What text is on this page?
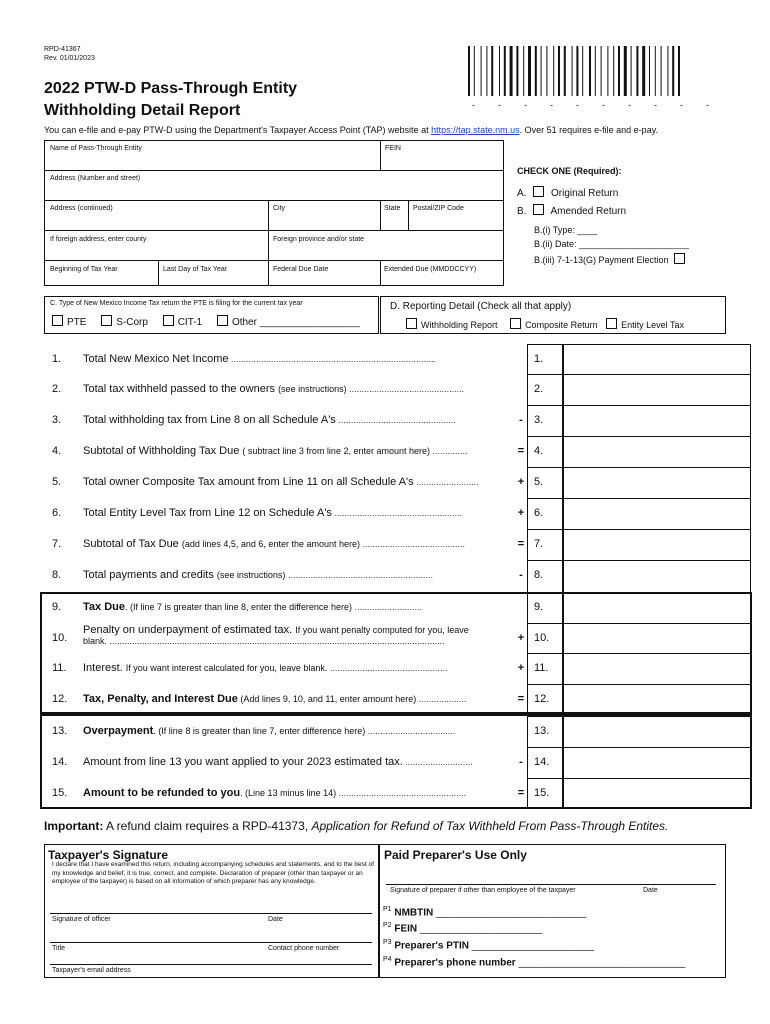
RPD-41367
Rev. 01/01/2023
2022 PTW-D Pass-Through Entity
Withholding Detail Report	-	-	-	-	-	-	-	-	-	-
You can e-file and e-pay PTW-D using the Department's Taxpayer Access Point (TAP) website at https://tap.state.nm.us. Over 51 requires e-file and e-pay.
Name of Pass-Through Entity	FEIN
Address (Number and street)
Address (continued)	City	State Postal/ZIP Code
If foreign address, enter county	Foreign province and/or state
Beginning of Tax Year	Last Day of Tax Year	Federal Due Date	Extended Due (MMDDCCYY)
CHECK ONE (Required):
A. Original Return
B. Amended Return
B.(i) Type: ____
B.(ii) Date: ______________________
B.(iii) 7-1-13(G) Payment Election
C. Type of New Mexico Income Tax return the PTE is filing for the current tax year
PTE	S-Corp	CIT-1	Other __________________
D. Reporting Detail (Check all that apply)
Withholding Report	Composite Return	Entity Level Tax
1. Total New Mexico Net Income ..................................................................................	1.
2. Total tax withheld passed to the owners (see instructions) ..............................................	2.
3. Total withholding tax from Line 8 on all Schedule A's ...............................................	-	3.
4. Subtotal of Withholding Tax Due ( subtract line 3 from line 2, enter amount here) ..............	= 4.
5. Total owner Composite Tax amount from Line 11 on all Schedule A's .........................	+ 5.
6. Total Entity Level Tax from Line 12 on Schedule A's ...................................................	+ 6.
7. Subtotal of Tax Due (add lines 4,5, and 6, enter the amount here) .........................................	= 7.
8. Total payments and credits (see instructions) ..........................................................	-	8.
9. Tax Due. (If line 7 is greater than line 8, enter the difference here) ...........................	9.
10.
Penalty on underpayment of estimated tax. If you want penalty computed for you, leave
blank. ......................................................................................................................................	+ 10.
11. Interest. If you want interest calculated for you, leave blank. ...............................................	+ 11.
12. Tax, Penalty, and Interest Due (Add lines 9, 10, and 11, enter amount here) ...................	= 12.
13. Overpayment. (If line 8 is greater than line 7, enter difference here) ...................................	13.
14. Amount from line 13 you want applied to your 2023 estimated tax. ...........................	-	14.
15. Amount to be refunded to you. (Line 13 minus line 14) ...................................................	= 15.
Important: A refund claim requires a RPD-41373, Application for Refund of Tax Withheld From Pass-Through Entites.
Taxpayer's Signature
I declare that I have examined this return, including accompanying schedules and statements, and to the best of my knowledge and belief, it is true, correct, and complete. Declaration of preparer (other than taxpayer or an employee of the taxpayer) is based on all information of which preparer has any knowledge.
Signature of officer	Date
Title	Contact phone number
Taxpayer's email address
Paid Preparer's Use Only
Signature of preparer if other than employee of the taxpayer	Date
$^{P1}$ NMBTIN ___________________________
$^{P2}$ FEIN ______________________
$^{P3}$ Preparer's PTIN ______________________
$^{P4}$ Preparer's phone number ______________________________
